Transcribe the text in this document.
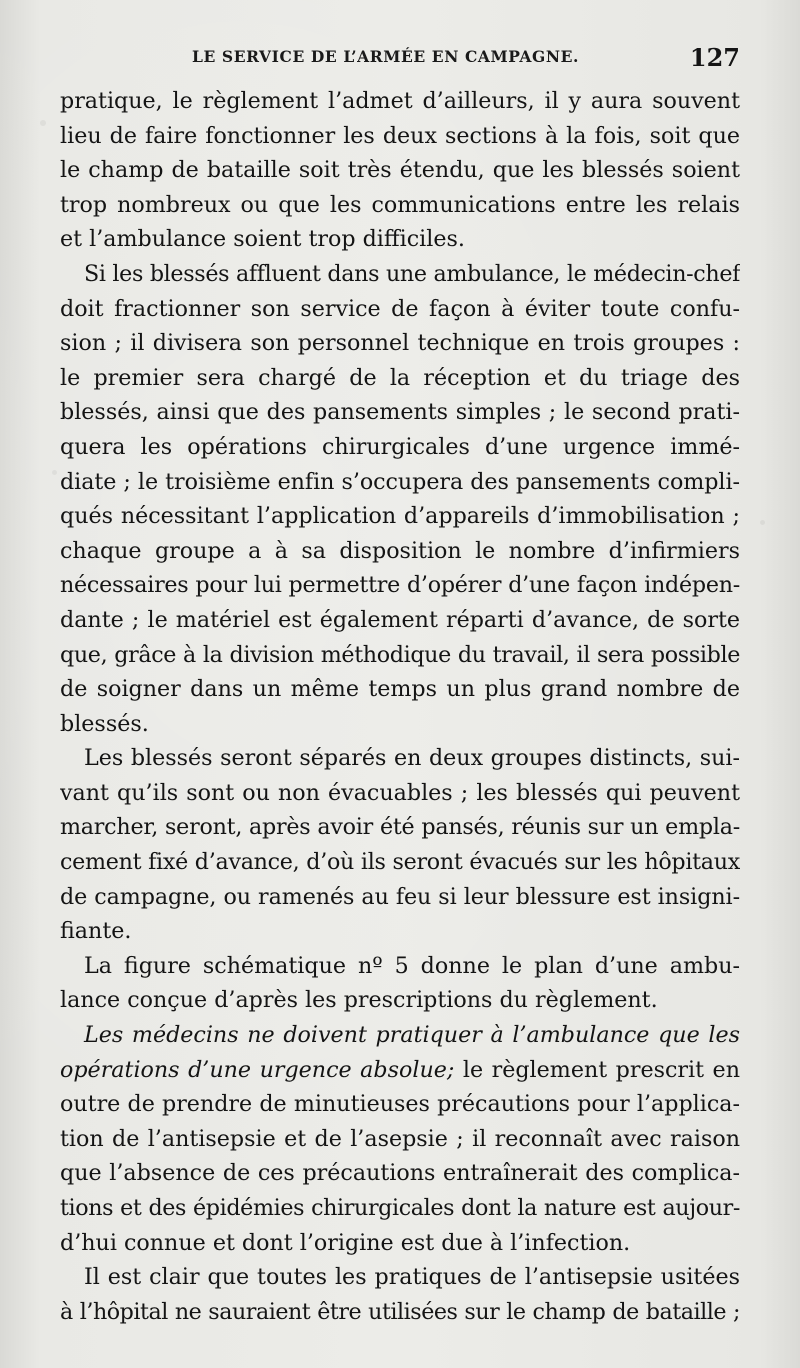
LE SERVICE DE L’ARMÉE EN CAMPAGNE.	127
pratique, le règlement l’admet d’ailleurs, il y aura souvent
lieu de faire fonctionner les deux sections à la fois, soit que
le champ de bataille soit très étendu, que les blessés soient
trop nombreux ou que les communications entre les relais
et l’ambulance soient trop difficiles.
Si les blessés affluent dans une ambulance, le médecin-chef
doit fractionner son service de façon à éviter toute confu-
sion ; il divisera son personnel technique en trois groupes :
le premier sera chargé de la réception et du triage des
blessés, ainsi que des pansements simples ; le second prati-
quera les opérations chirurgicales d’une urgence immé-
diate ; le troisième enfin s’occupera des pansements compli-
qués nécessitant l’application d’appareils d’immobilisation ;
chaque groupe a à sa disposition le nombre d’infirmiers
nécessaires pour lui permettre d’opérer d’une façon indépen-
dante ; le matériel est également réparti d’avance, de sorte
que, grâce à la division méthodique du travail, il sera possible
de soigner dans un même temps un plus grand nombre de
blessés.
Les blessés seront séparés en deux groupes distincts, sui-
vant qu’ils sont ou non évacuables ; les blessés qui peuvent
marcher, seront, après avoir été pansés, réunis sur un empla-
cement fixé d’avance, d’où ils seront évacués sur les hôpitaux
de campagne, ou ramenés au feu si leur blessure est insigni-
fiante.
La figure schématique nº 5 donne le plan d’une ambu-
lance conçue d’après les prescriptions du règlement.
Les médecins ne doivent pratiquer à l’ambulance que les
opérations d’une urgence absolue; le règlement prescrit en
outre de prendre de minutieuses précautions pour l’applica-
tion de l’antisepsie et de l’asepsie ; il reconnaît avec raison
que l’absence de ces précautions entraînerait des complica-
tions et des épidémies chirurgicales dont la nature est aujour-
d’hui connue et dont l’origine est due à l’infection.
Il est clair que toutes les pratiques de l’antisepsie usitées
à l’hôpital ne sauraient être utilisées sur le champ de bataille ;
